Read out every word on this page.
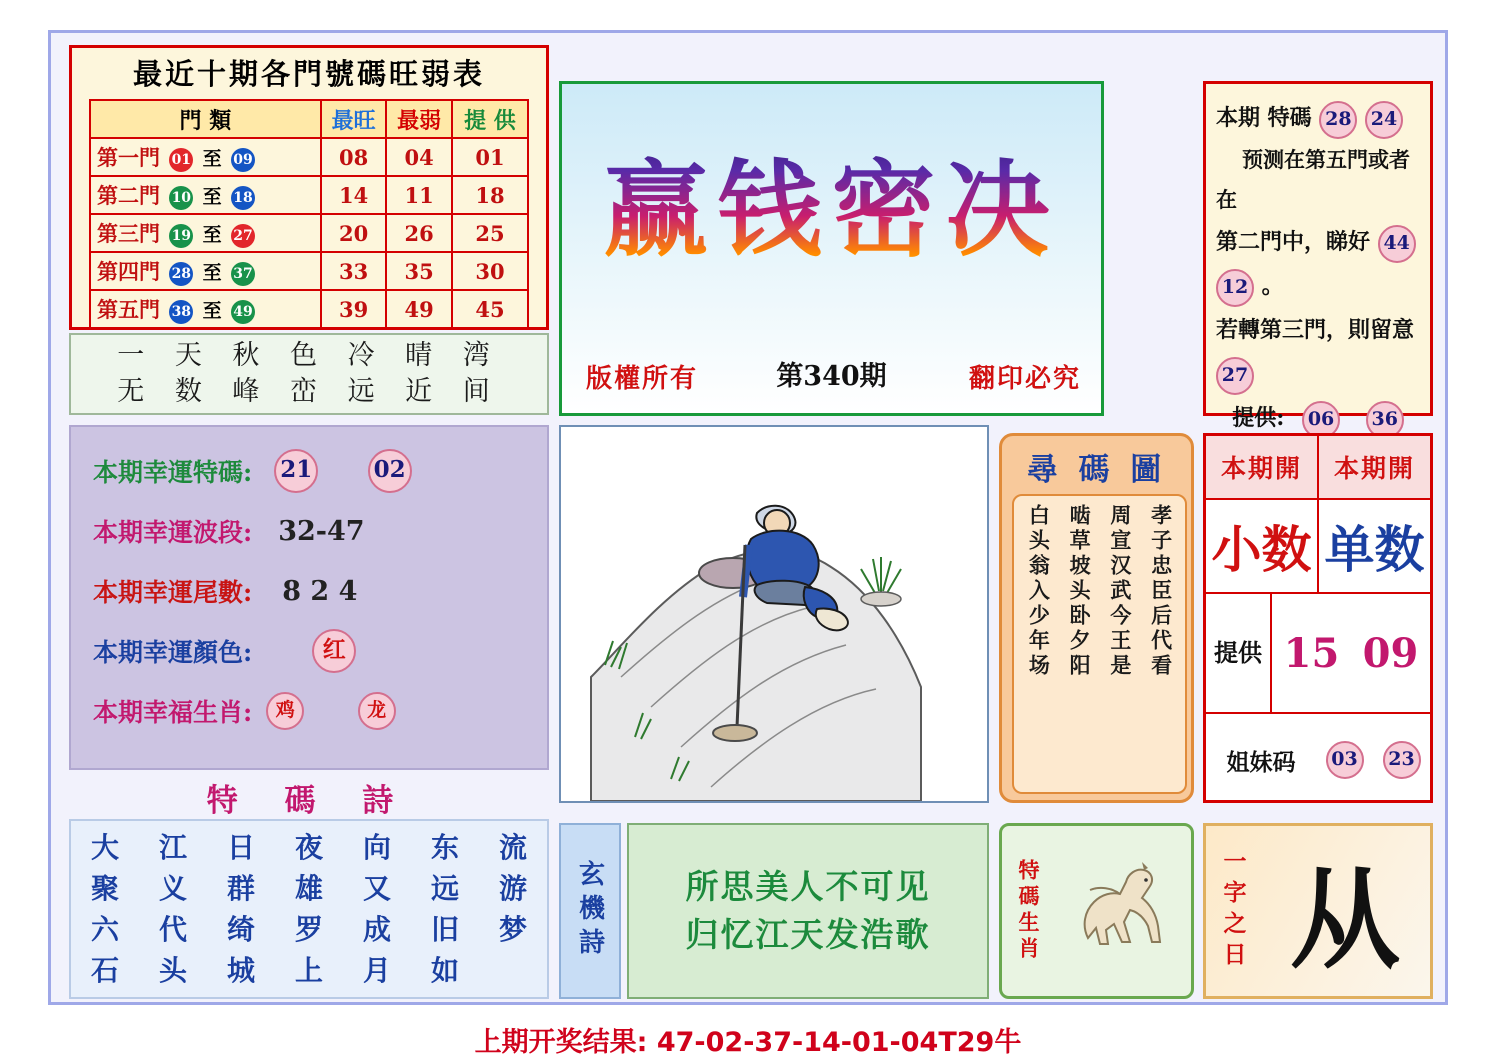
最近十期各門號碼旺弱表
門 類	最旺	最弱	提 供
第一門 01 至 09	08	04	01
第二門 10 至 18	14	11	18
第三門 19 至 27	20	26	25
第四門 28 至 37	33	35	30
第五門 38 至 49	39	49	45
一 天 秋 色 冷 晴 湾
无 数 峰 峦 远 近 间
本期幸運特碼: 21	02
本期幸運波段: 32-47
本期幸運尾數: 8 2 4
本期幸運顏色:	红
本期幸福生肖:	鸡	龙
特 碼 詩
大	江	日	夜	向	东	流
聚	义	群	雄	又	远	游
六	代	绮	罗	成	旧	梦
石	头	城	上	月	如
赢钱密决
版權所有	第340期	翻印必究
尋 碼 圖
孝子忠臣后代看
周宣汉武今王是
啮草坡头卧夕阳
白头翁入少年场
本期 特碼 28 24
预测在第五門或者在
第二門中，睇好 44 12 。
若轉第三門，則留意 27
提供: 06 36
本期開	本期開
小数 单数
提供 15 09
姐妹码	03	23
玄機詩	所思美人不可见
归忆江天发浩歌	特碼生肖	一字之日 从
上期开奖结果: 47-02-37-14-01-04T29牛
